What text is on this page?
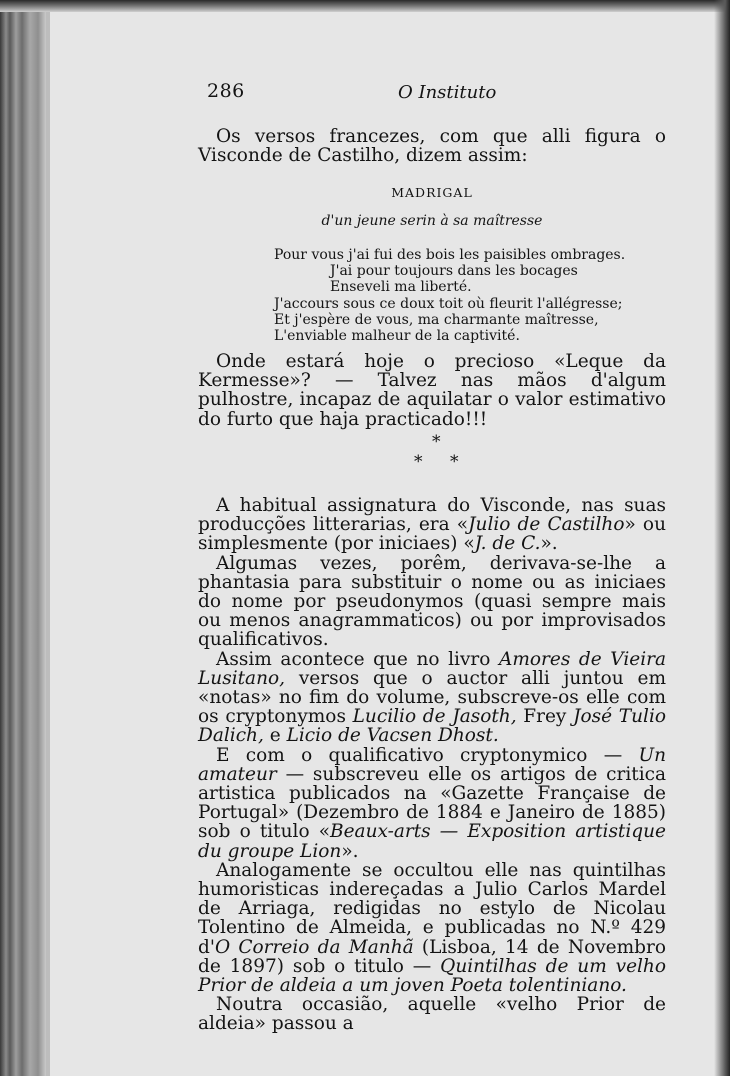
286	O Instituto

Os versos francezes, com que alli figura o Visconde de Castilho, dizem assim:

MADRIGAL
d'un jeune serin à sa maîtresse
Pour vous j'ai fui des bois les paisibles ombrages.
J'ai pour toujours dans les bocages
Enseveli ma liberté.
J'accours sous ce doux toit où fleurit l'allégresse;
Et j'espère de vous, ma charmante maîtresse,
L'enviable malheur de la captivité.

Onde estará hoje o precioso «Leque da Kermesse»? — Talvez nas mãos d'algum pulhostre, incapaz de aquilatar o valor estimativo do furto que haja practicado!!!

*
* *

A habitual assignatura do Visconde, nas suas producções litterarias, era «Julio de Castilho» ou simplesmente (por iniciaes) «J. de C.».

Algumas vezes, porêm, derivava-se-lhe a phantasia para substituir o nome ou as iniciaes do nome por pseudonymos (quasi sempre mais ou menos anagrammaticos) ou por improvisados qualificativos.

Assim acontece que no livro Amores de Vieira Lusitano, versos que o auctor alli juntou em «notas» no fim do volume, subscreve-os elle com os cryptonymos Lucilio de Jasoth, Frey José Tulio Dalich, e Licio de Vacsen Dhost.

E com o qualificativo cryptonymico — Un amateur — subscreveu elle os artigos de critica artistica publicados na «Gazette Française de Portugal» (Dezembro de 1884 e Janeiro de 1885) sob o titulo «Beaux-arts — Exposition artistique du groupe Lion».

Analogamente se occultou elle nas quintilhas humoristicas indereçadas a Julio Carlos Mardel de Arriaga, redigidas no estylo de Nicolau Tolentino de Almeida, e publicadas no N.º 429 d'O Correio da Manhã (Lisboa, 14 de Novembro de 1897) sob o titulo — Quintilhas de um velho Prior de aldeia a um joven Poeta tolentiniano.

Noutra occasião, aquelle «velho Prior de aldeia» passou a
